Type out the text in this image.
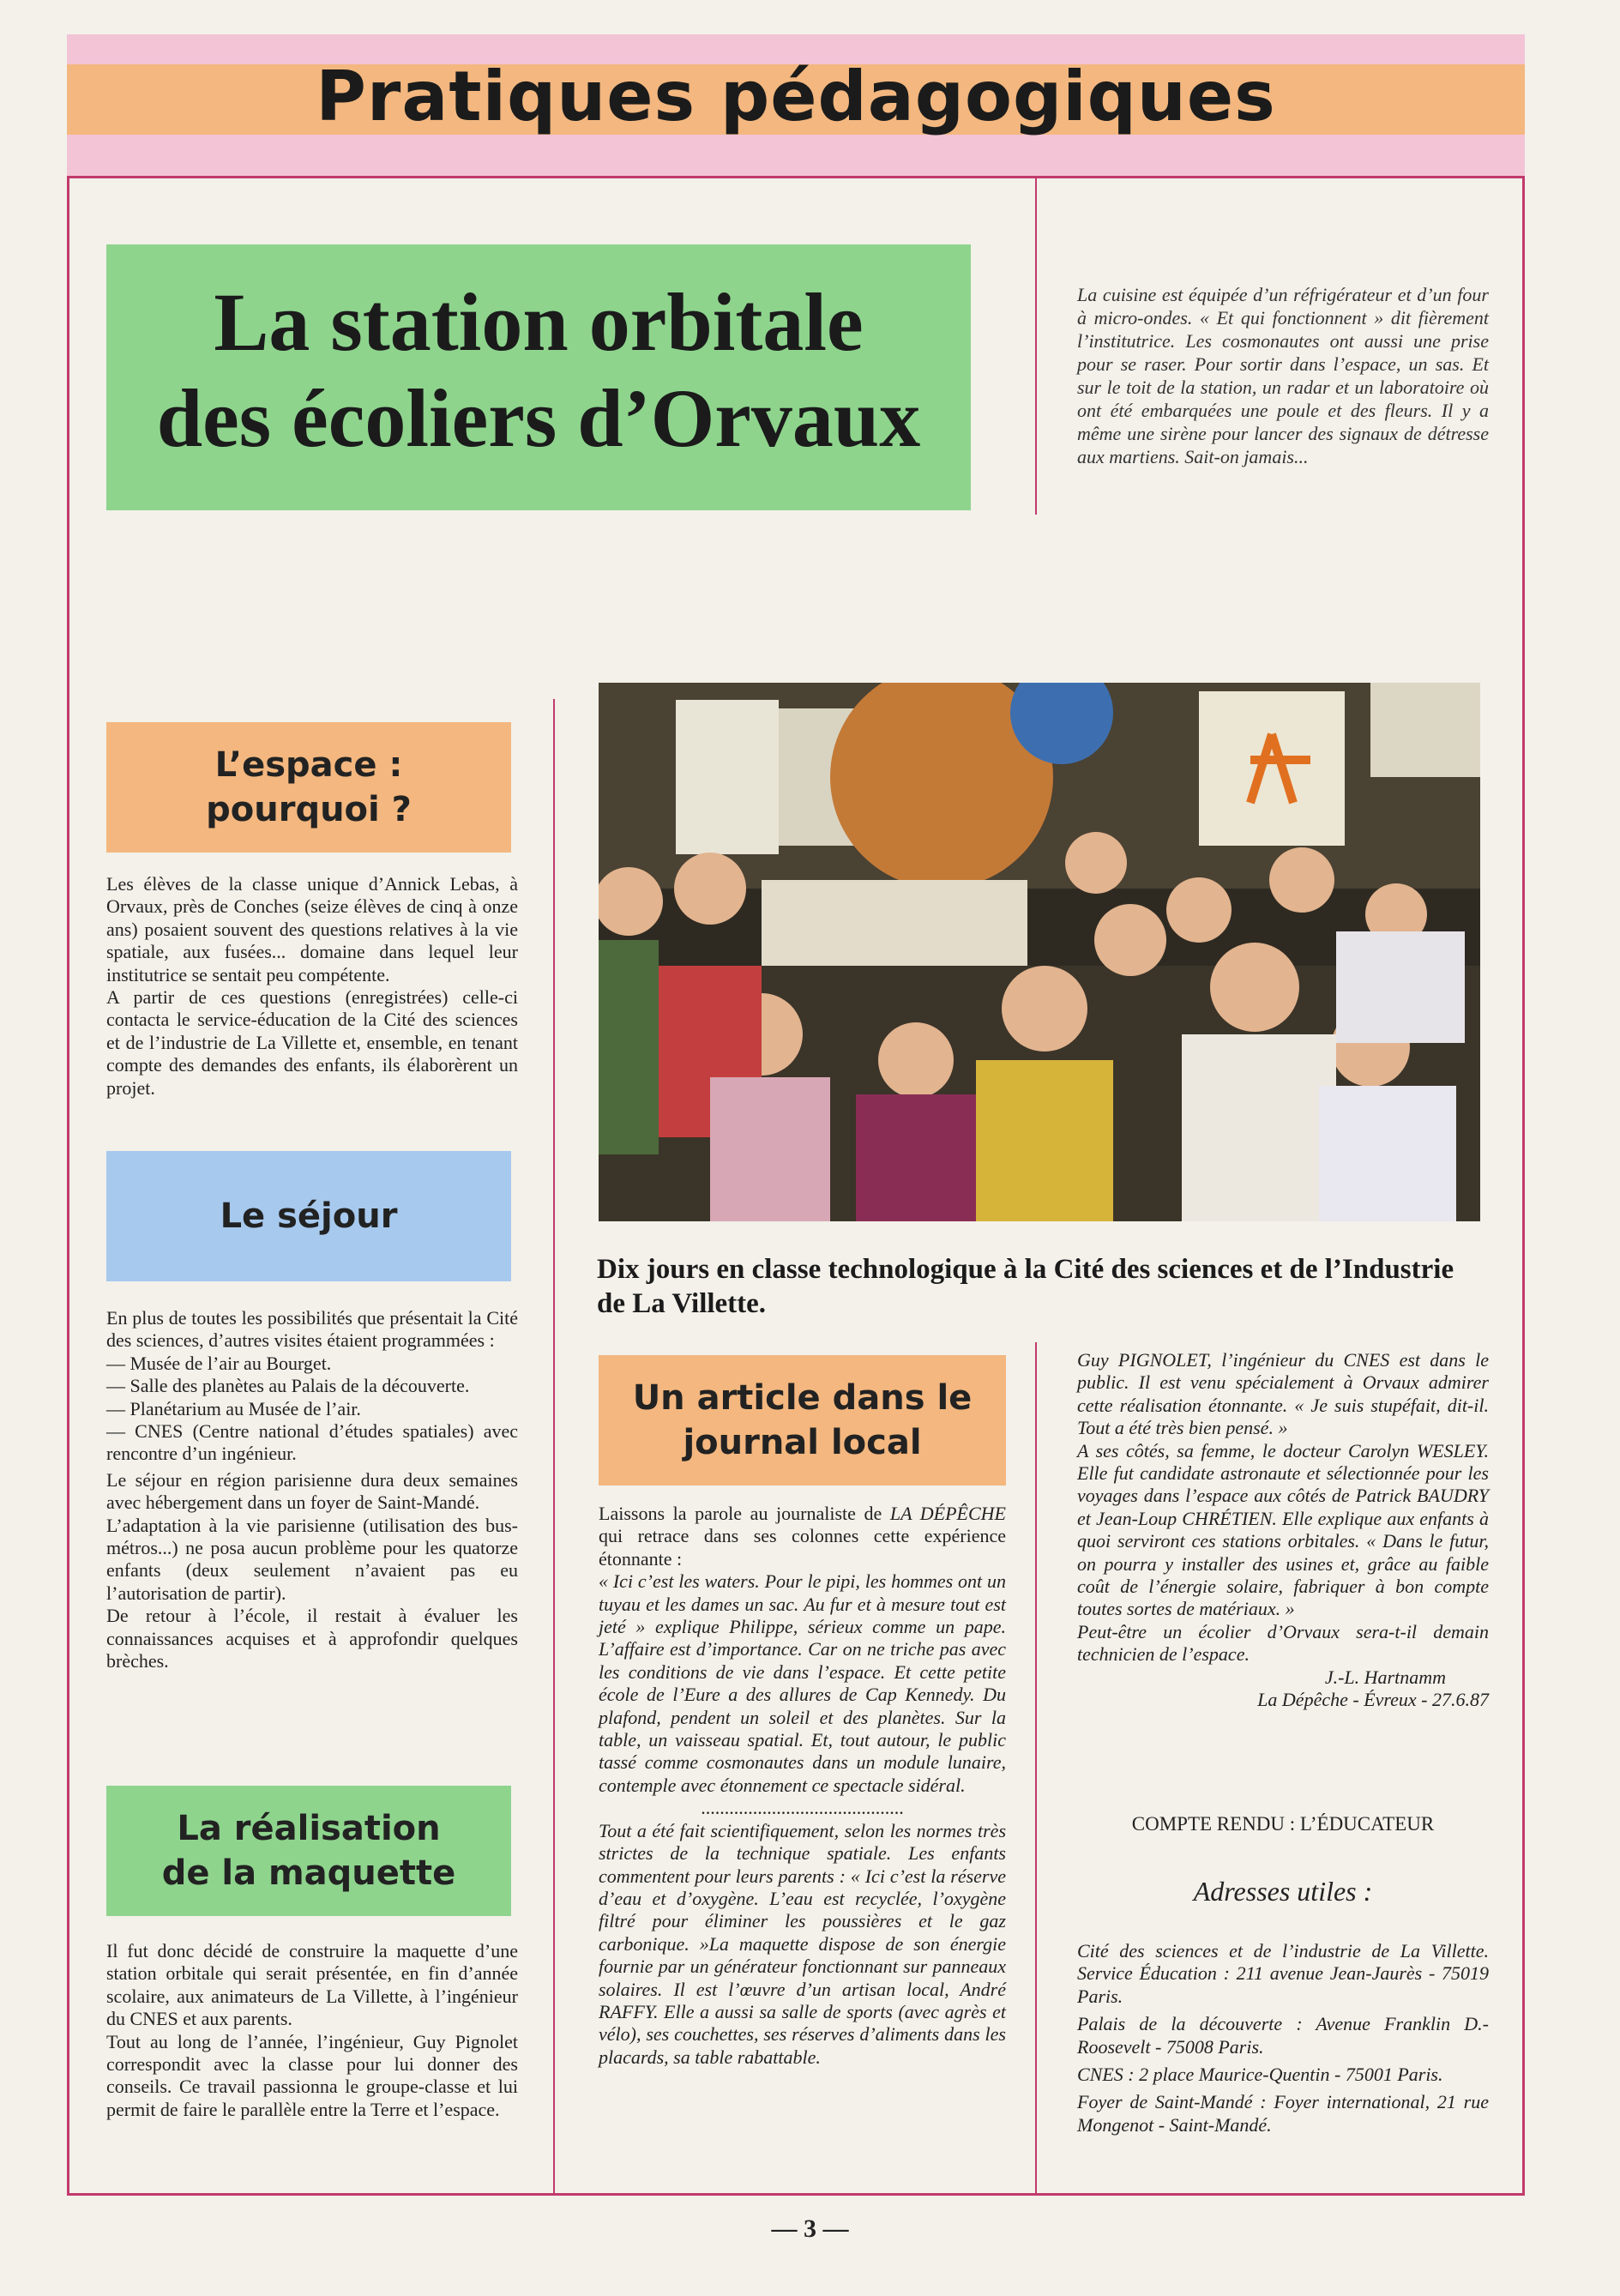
Pratiques pédagogiques
La station orbitale
des écoliers d’Orvaux
La cuisine est équipée d’un réfrigérateur et d’un four à micro-ondes. « Et qui fonctionnent » dit fièrement l’institutrice. Les cosmonautes ont aussi une prise pour se raser. Pour sortir dans l’espace, un sas. Et sur le toit de la station, un radar et un laboratoire où ont été embarquées une poule et des fleurs. Il y a même une sirène pour lancer des signaux de détresse aux martiens. Sait-on jamais...
L’espace :
pourquoi ?

Les élèves de la classe unique d’Annick Lebas, à Orvaux, près de Conches (seize élèves de cinq à onze ans) posaient souvent des questions relatives à la vie spatiale, aux fusées... domaine dans lequel leur institutrice se sentait peu compétente.

A partir de ces questions (enregistrées) celle-ci contacta le service-éducation de la Cité des sciences et de l’industrie de La Villette et, ensemble, en tenant compte des demandes des enfants, ils élaborèrent un projet.

Le séjour

En plus de toutes les possibilités que présentait la Cité des sciences, d’autres visites étaient programmées :

— Musée de l’air au Bourget.

— Salle des planètes au Palais de la découverte.

— Planétarium au Musée de l’air.

— CNES (Centre national d’études spatiales) avec rencontre d’un ingénieur.

Le séjour en région parisienne dura deux semaines avec hébergement dans un foyer de Saint-Mandé.

L’adaptation à la vie parisienne (utilisation des bus-métros...) ne posa aucun problème pour les quatorze enfants (deux seulement n’avaient pas eu l’autorisation de partir).

De retour à l’école, il restait à évaluer les connaissances acquises et à approfondir quelques brèches.

La réalisation
de la maquette

Il fut donc décidé de construire la maquette d’une station orbitale qui serait présentée, en fin d’année scolaire, aux animateurs de La Villette, à l’ingénieur du CNES et aux parents.

Tout au long de l’année, l’ingénieur, Guy Pignolet correspondit avec la classe pour lui donner des conseils. Ce travail passionna le groupe-classe et lui permit de faire le parallèle entre la Terre et l’espace.

Dix jours en classe technologique à la Cité des sciences et de l’Industrie de La Villette.
Un article dans le
journal local

Laissons la parole au journaliste de LA DÉPÊCHE qui retrace dans ses colonnes cette expérience étonnante :

« Ici c’est les waters. Pour le pipi, les hommes ont un tuyau et les dames un sac. Au fur et à mesure tout est jeté » explique Philippe, sérieux comme un pape. L’affaire est d’importance. Car on ne triche pas avec les conditions de vie dans l’espace. Et cette petite école de l’Eure a des allures de Cap Kennedy. Du plafond, pendent un soleil et des planètes. Sur la table, un vaisseau spatial. Et, tout autour, le public tassé comme cosmonautes dans un module lunaire, contemple avec étonnement ce spectacle sidéral.

...........................................

Tout a été fait scientifiquement, selon les normes très strictes de la technique spatiale. Les enfants commentent pour leurs parents : « Ici c’est la réserve d’eau et d’oxygène. L’eau est recyclée, l’oxygène filtré pour éliminer les poussières et le gaz carbonique. »La maquette dispose de son énergie fournie par un générateur fonctionnant sur panneaux solaires. Il est l’œuvre d’un artisan local, André RAFFY. Elle a aussi sa salle de sports (avec agrès et vélo), ses couchettes, ses réserves d’aliments dans les placards, sa table rabattable.

Guy PIGNOLET, l’ingénieur du CNES est dans le public. Il est venu spécialement à Orvaux admirer cette réalisation étonnante. « Je suis stupéfait, dit-il. Tout a été très bien pensé. »

A ses côtés, sa femme, le docteur Carolyn WESLEY. Elle fut candidate astronaute et sélectionnée pour les voyages dans l’espace aux côtés de Patrick BAUDRY et Jean-Loup CHRÉTIEN. Elle explique aux enfants à quoi serviront ces stations orbitales. « Dans le futur, on pourra y installer des usines et, grâce au faible coût de l’énergie solaire, fabriquer à bon compte toutes sortes de matériaux. »

Peut-être un écolier d’Orvaux sera-t-il demain technicien de l’espace.

J.-L. Hartnamm

La Dépêche - Évreux - 27.6.87

COMPTE RENDU : L’ÉDUCATEUR
Adresses utiles :

Cité des sciences et de l’industrie de La Villette. Service Éducation : 211 avenue Jean-Jaurès - 75019 Paris.

Palais de la découverte : Avenue Franklin D.-Roosevelt - 75008 Paris.

CNES : 2 place Maurice-Quentin - 75001 Paris.

Foyer de Saint-Mandé : Foyer international, 21 rue Mongenot - Saint-Mandé.

— 3 —
